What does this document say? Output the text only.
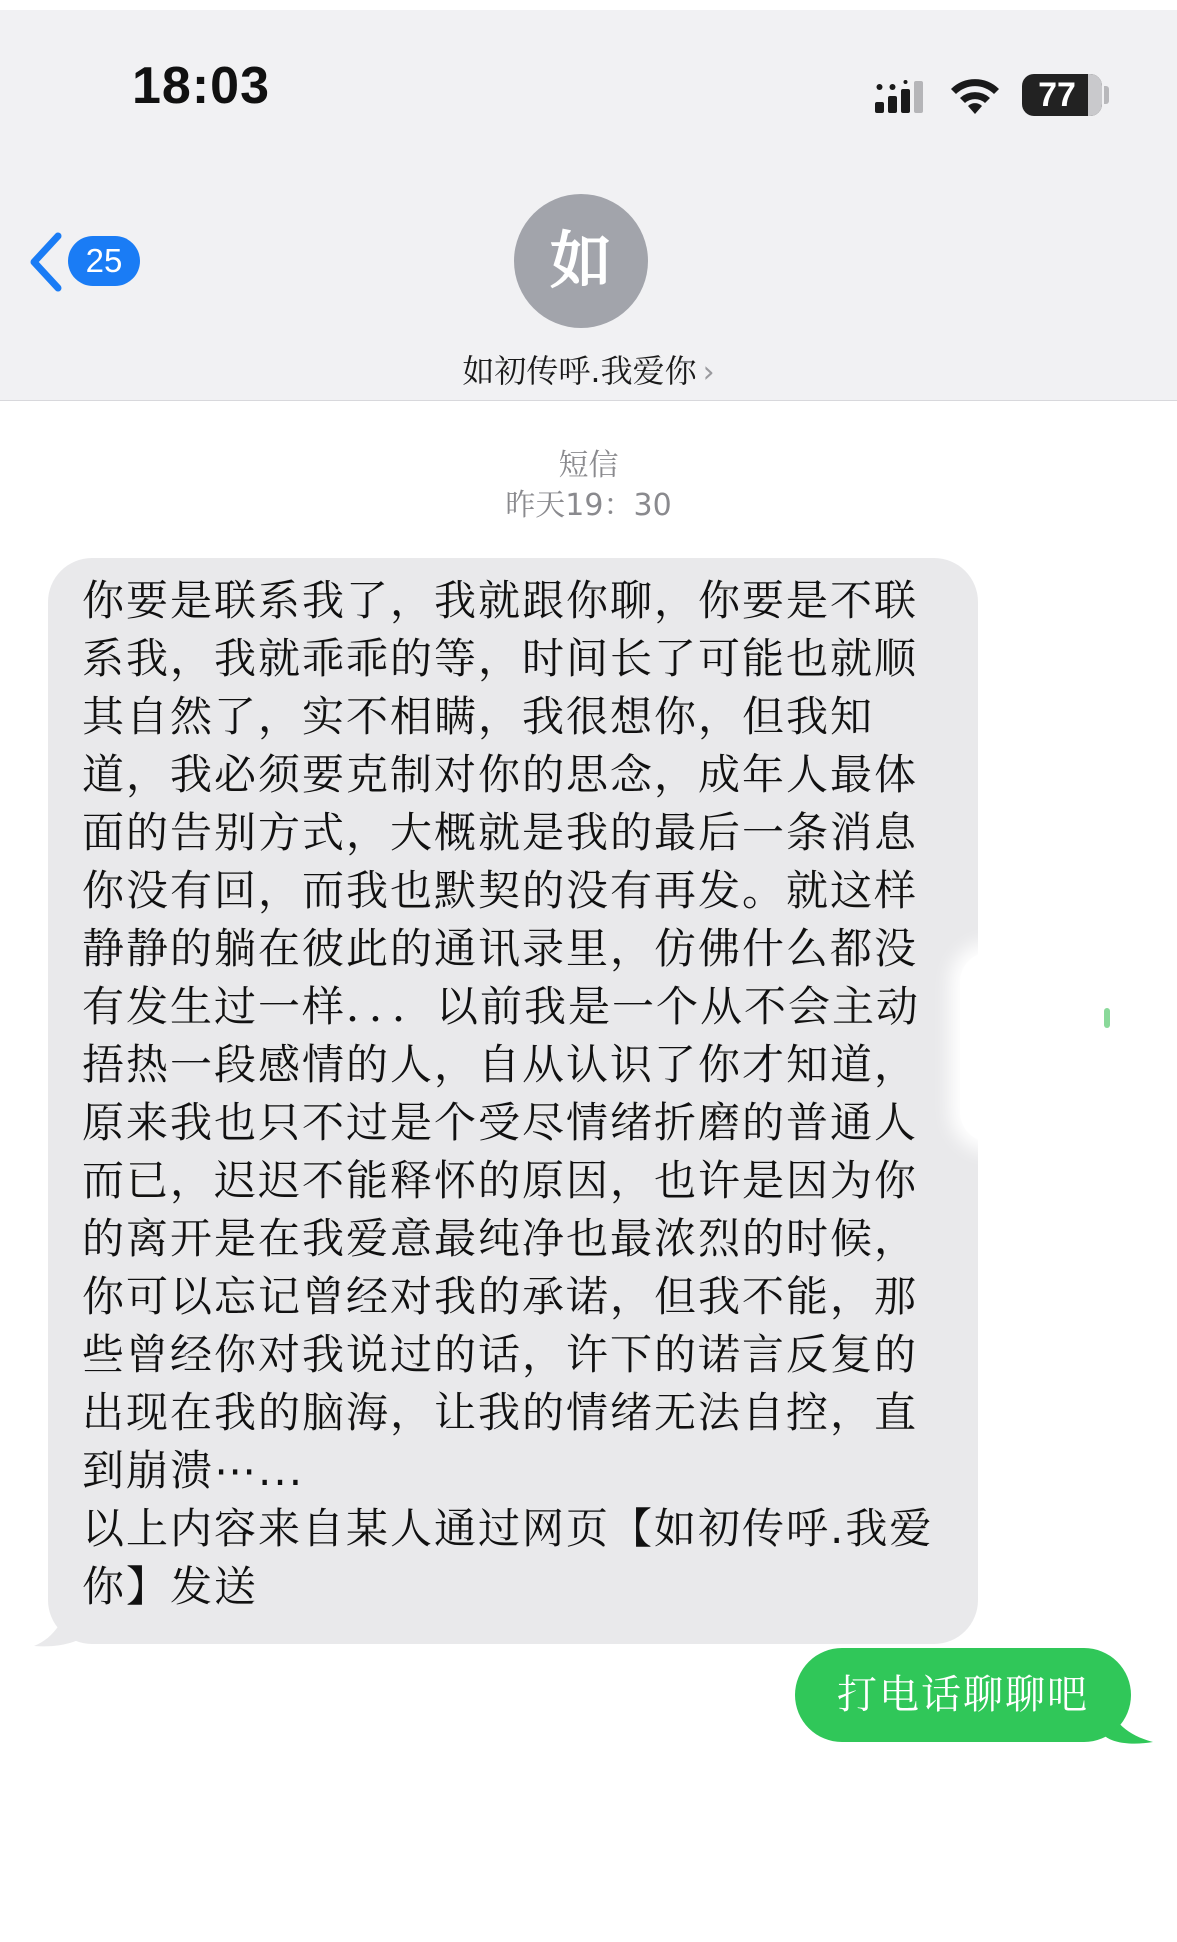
18:03	77
25	如
如初传呼.我爱你 ›
短信
昨天19：30
你要是联系我了，我就跟你聊，你要是不联系我，我就乖乖的等，时间长了可能也就顺其自然了，实不相瞒，我很想你，但我知道，我必须要克制对你的思念，成年人最体面的告别方式，大概就是我的最后一条消息你没有回，而我也默契的没有再发。就这样静静的躺在彼此的通讯录里，仿佛什么都没有发生过一样．．．以前我是一个从不会主动捂热一段感情的人，自从认识了你才知道，原来我也只不过是个受尽情绪折磨的普通人而已，迟迟不能释怀的原因，也许是因为你的离开是在我爱意最纯净也最浓烈的时候，你可以忘记曾经对我的承诺，但我不能，那些曾经你对我说过的话，许下的诺言反复的出现在我的脑海，让我的情绪无法自控，直到崩溃⋯...
以上内容来自某人通过网页【如初传呼.我爱你】发送
打电话聊聊吧
